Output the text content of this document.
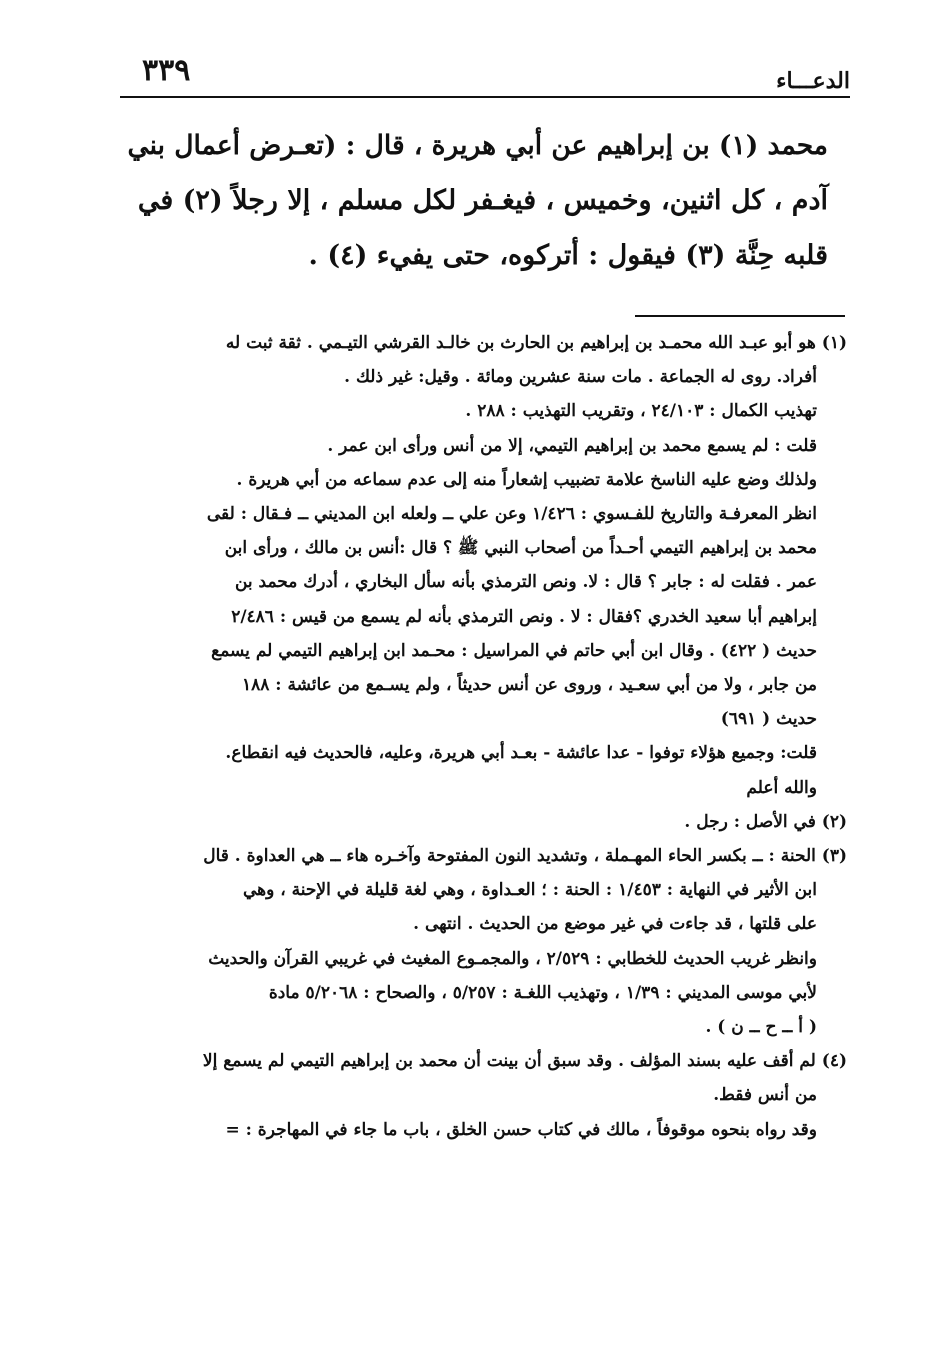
الدعـــاء
٣٣٩
محمد (١) بن إبراهيم عن أبي هريرة ، قال : (تعـرض أعمال بني
آدم ، كل اثنين، وخميس ، فيغـفر لكل مسلم ، إلا رجلاً (٢) في
قلبه حِنَّة (٣) فيقول : أتركوه، حتى يفيء (٤) .
(١) هو أبو عبـد الله محمـد بن إبراهيم بن الحارث بن خالـد القرشي التيـمي . ثقة ثبت له
أفراد. روى له الجماعة . مات سنة عشرين ومائة . وقيل: غير ذلك .
تهذيب الكمال : ٢٤/١٠٣ ، وتقريب التهذيب : ٢٨٨ .
قلت : لم يسمع محمد بن إبراهيم التيمي، إلا من أنس ورأى ابن عمر .
ولذلك وضع عليه الناسخ علامة تضبيب إشعاراً منه إلى عدم سماعه من أبي هريرة .
انظر المعرفـة والتاريخ للفـسوي : ١/٤٢٦ وعن علي ــ ولعله ابن المديني ــ فـقال : لقى
محمد بن إبراهيم التيمي أحـداً من أصحاب النبي ﷺ ؟ قال :أنس بن مالك ، ورأى ابن
عمر . فقلت له : جابر ؟ قال : لا. ونص الترمذي بأنه سأل البخاري ، أدرك محمد بن
إبراهيم أبا سعيد الخدري ؟فقال : لا . ونص الترمذي بأنه لم يسمع من قيس : ٢/٤٨٦
حديث ( ٤٢٢) . وقال ابن أبي حاتم في المراسيل : محـمد ابن إبراهيم التيمي لم يسمع
من جابر ، ولا من أبي سعـيد ، وروى عن أنس حديثاً ، ولم يسـمع من عائشة : ١٨٨
حديث ( ٦٩١)
قلت: وجميع هؤلاء توفوا - عدا عائشة - بعـد أبي هريرة، وعليه، فالحديث فيه انقطاع.
والله أعلم
(٢) في الأصل : رجل .
(٣) الحنة : ــ بكسر الحاء المهـملة ، وتشديد النون المفتوحة وآخـره هاء ــ هي العداوة . قال
ابن الأثير في النهاية : ١/٤٥٣ : الحنة : ؛ العـداوة ، وهي لغة قليلة في الإحنة ، وهي
على قلتها ، قد جاءت في غير موضع من الحديث . انتهى .
وانظر غريب الحديث للخطابي : ٢/٥٢٩ ، والمجمـوع المغيث في غريبي القرآن والحديث
لأبي موسى المديني : ١/٣٩ ، وتهذيب اللغـة : ٥/٢٥٧ ، والصحاح : ٥/٢٠٦٨ مادة
( أ ــ ح ــ ن ) .
(٤) لم أقف عليه بسند المؤلف . وقد سبق أن بينت أن محمد بن إبراهيم التيمي لم يسمع إلا
من أنس فقط.
وقد رواه بنحوه موقوفاً ، مالك في كتاب حسن الخلق ، باب ما جاء في المهاجرة : =
